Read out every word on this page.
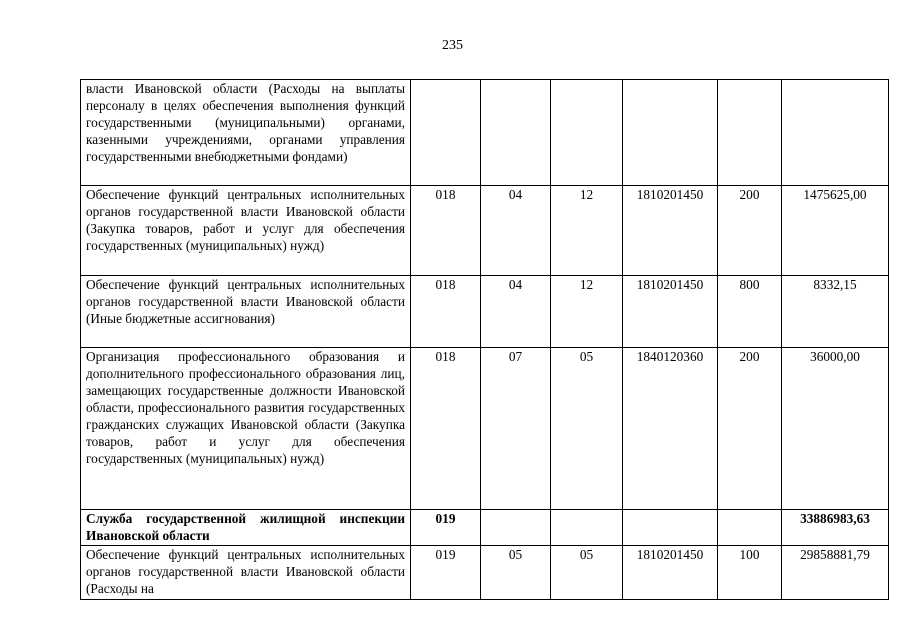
235
власти Ивановской области (Расходы на выплаты персоналу в целях обеспечения выполнения функций государственными (муниципальными) органами, казенными учреждениями, органами управления государственными внебюджетными фондами)						
Обеспечение функций центральных исполнительных органов государственной власти Ивановской области (Закупка товаров, работ и услуг для обеспечения государственных (муниципальных) нужд)	018	04	12	1810201450	200	1475625,00
Обеспечение функций центральных исполнительных органов государственной власти Ивановской области (Иные бюджетные ассигнования)	018	04	12	1810201450	800	8332,15
Организация профессионального образования и дополнительного профессионального образования лиц, замещающих государственные должности Ивановской области, профессионального развития государственных гражданских служащих Ивановской области (Закупка товаров, работ и услуг для обеспечения государственных (муниципальных) нужд)	018	07	05	1840120360	200	36000,00
Служба государственной жилищной инспекции Ивановской области	019					33886983,63
Обеспечение функций центральных исполнительных органов государственной власти Ивановской области (Расходы на	019	05	05	1810201450	100	29858881,79
